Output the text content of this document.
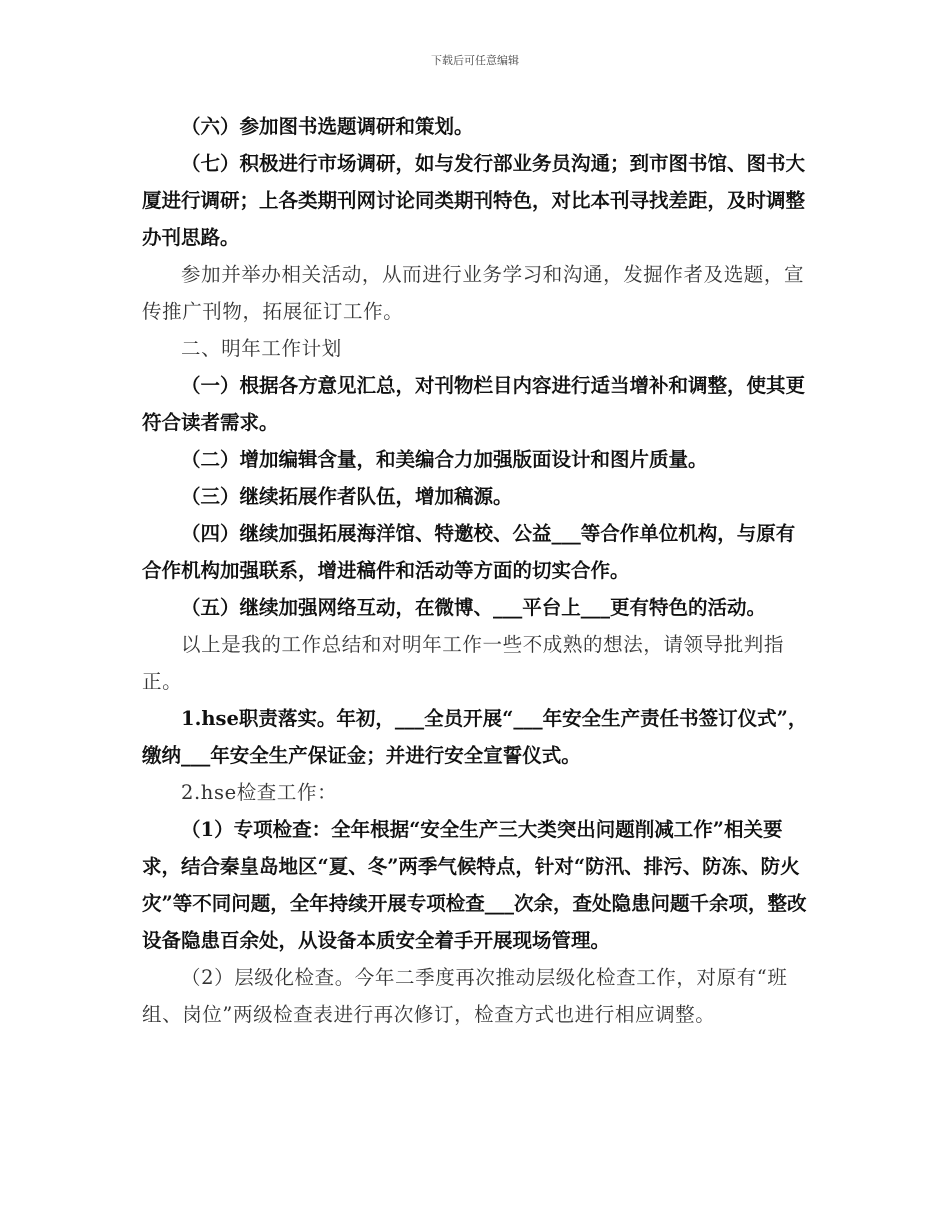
下载后可任意编辑

（六）参加图书选题调研和策划。

（七）积极进行市场调研，如与发行部业务员沟通；到市图书馆、图书大厦进行调研；上各类期刊网讨论同类期刊特色，对比本刊寻找差距，及时调整办刊思路。

参加并举办相关活动，从而进行业务学习和沟通，发掘作者及选题，宣传推广刊物，拓展征订工作。

二、明年工作计划

（一）根据各方意见汇总，对刊物栏目内容进行适当增补和调整，使其更符合读者需求。

（二）增加编辑含量，和美编合力加强版面设计和图片质量。

（三）继续拓展作者队伍，增加稿源。

（四）继续加强拓展海洋馆、特邀校、公益___等合作单位机构，与原有合作机构加强联系，增进稿件和活动等方面的切实合作。

（五）继续加强网络互动，在微博、___平台上___更有特色的活动。

以上是我的工作总结和对明年工作一些不成熟的想法，请领导批判指正。

1.hse职责落实。年初，___全员开展“___年安全生产责任书签订仪式”，缴纳___年安全生产保证金；并进行安全宣誓仪式。

2.hse检查工作：

（1）专项检查：全年根据“安全生产三大类突出问题削减工作”相关要求，结合秦皇岛地区“夏、冬”两季气候特点，针对“防汛、排污、防冻、防火灾”等不同问题，全年持续开展专项检查___次余，查处隐患问题千余项，整改设备隐患百余处，从设备本质安全着手开展现场管理。

（2）层级化检查。今年二季度再次推动层级化检查工作，对原有“班组、岗位”两级检查表进行再次修订，检查方式也进行相应调整。
